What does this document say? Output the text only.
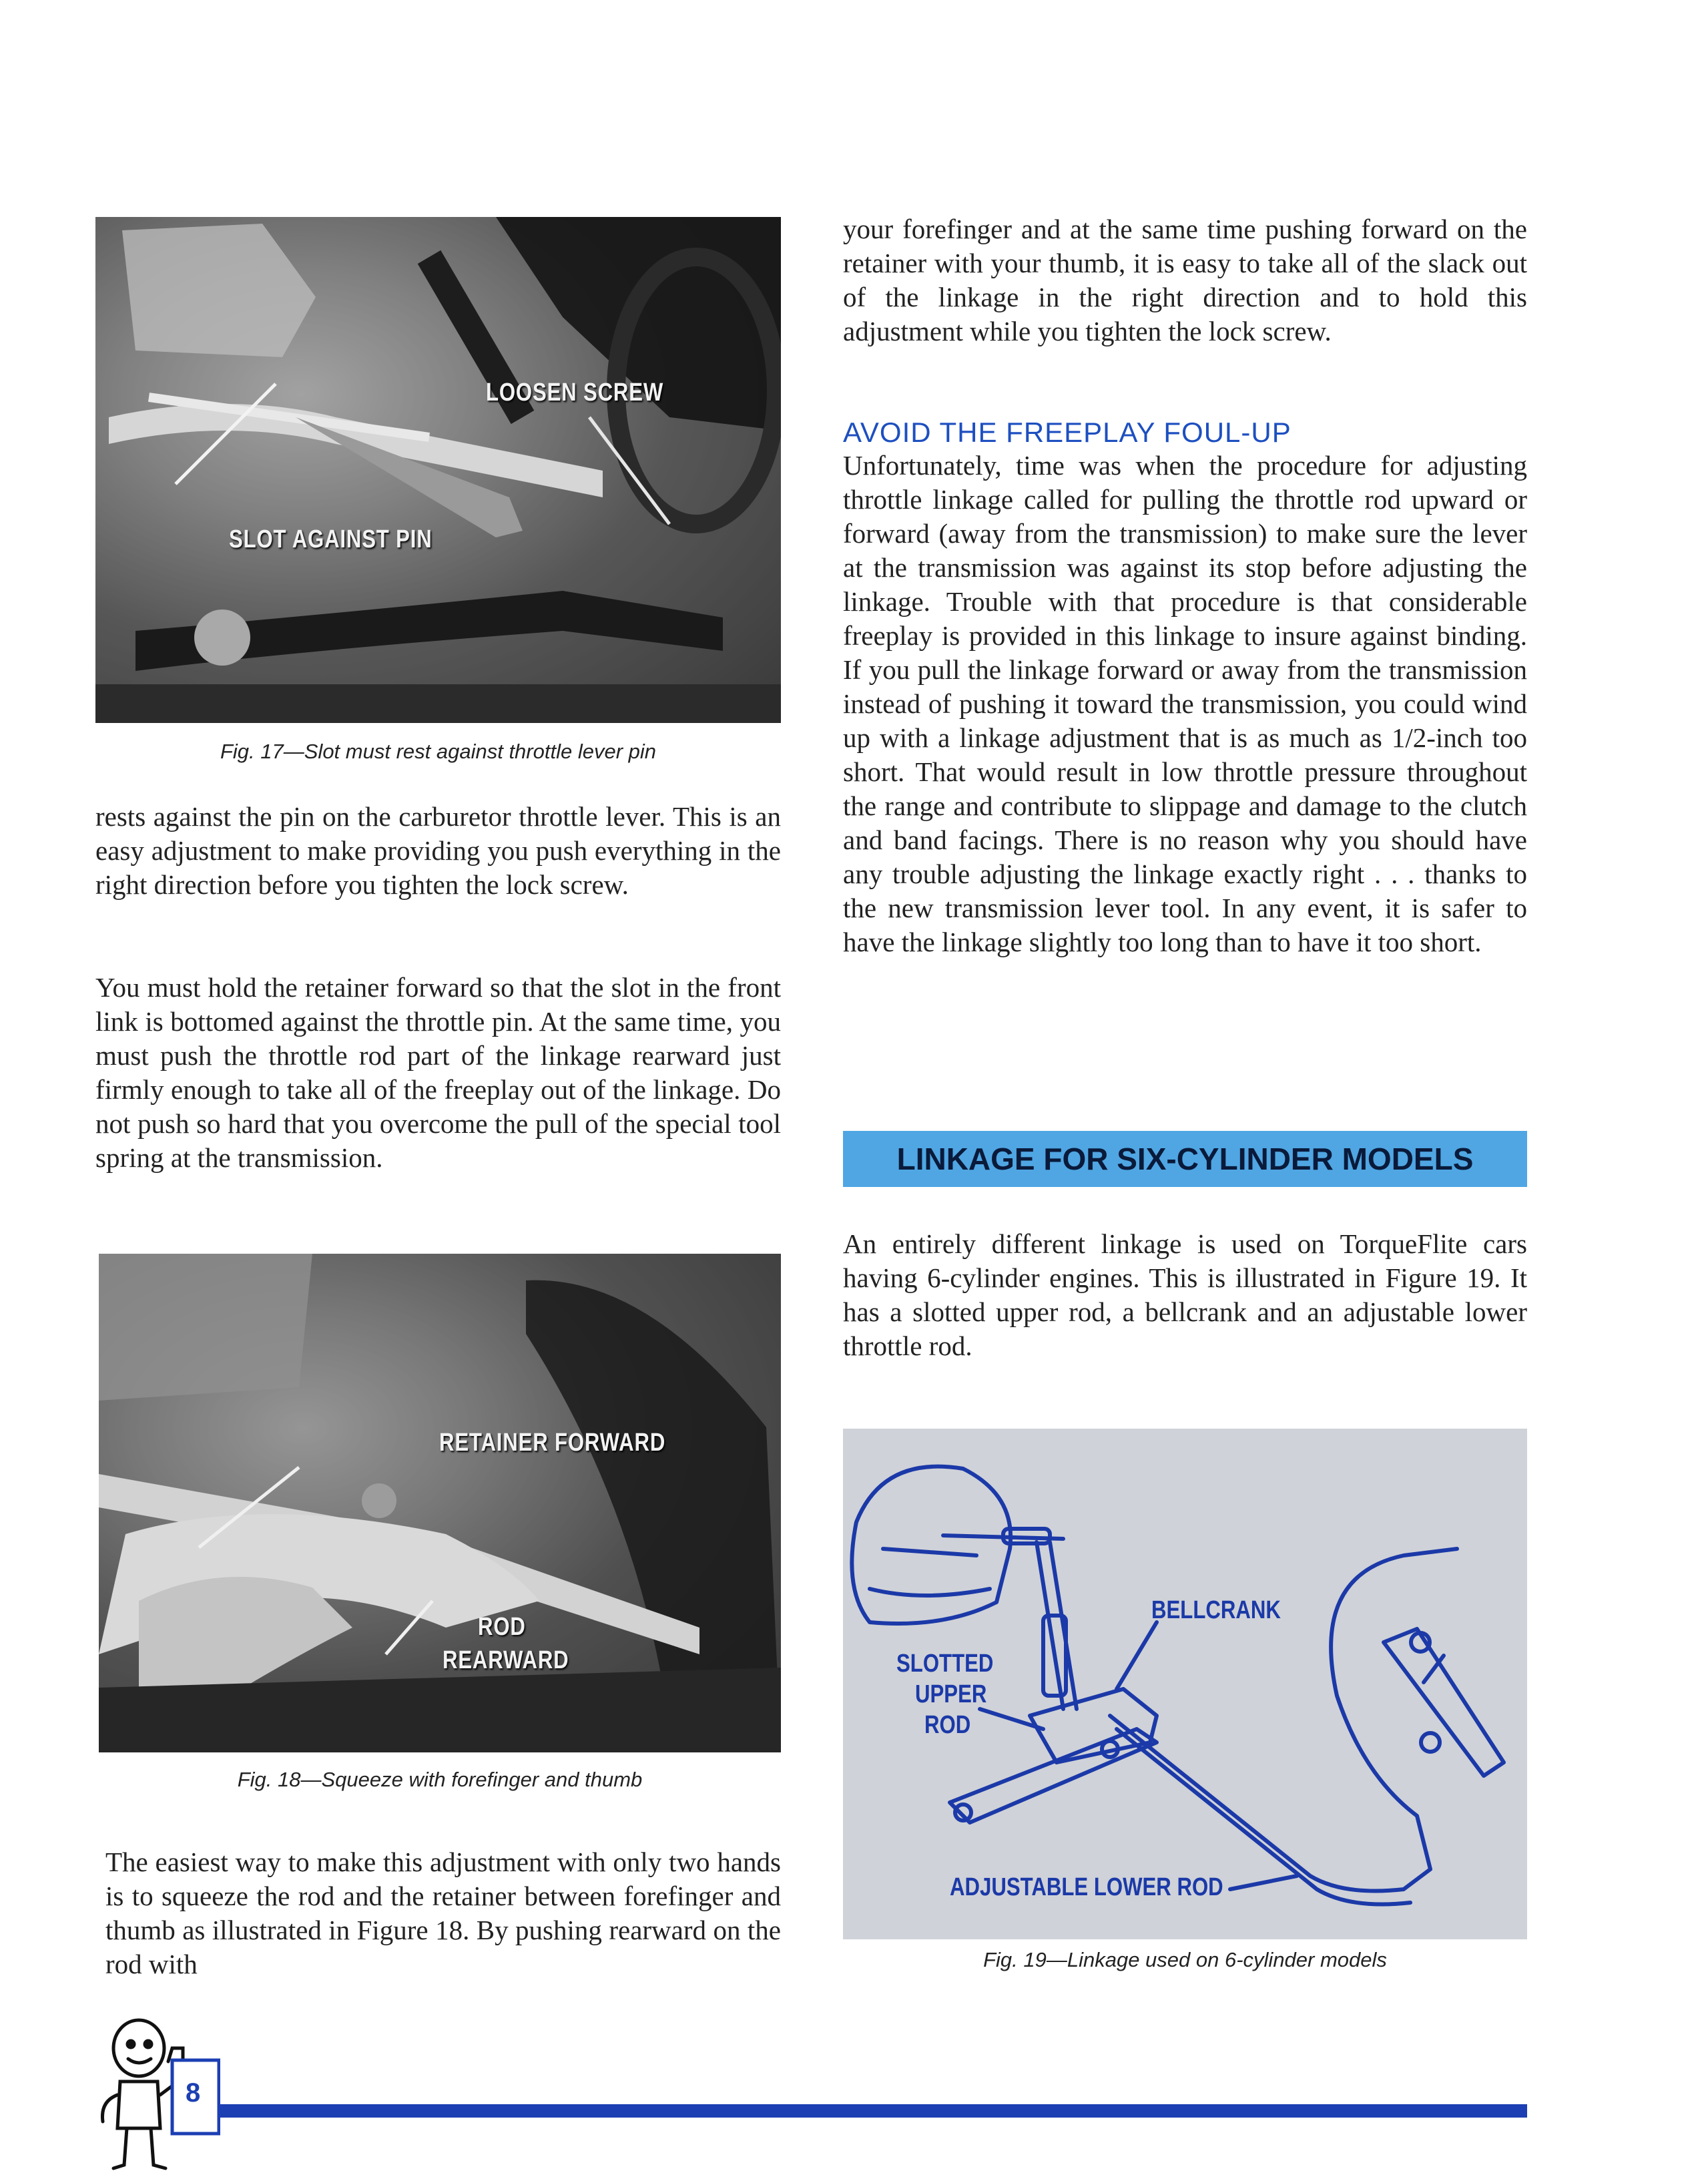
LOOSEN SCREW
SLOT AGAINST PIN
Fig. 17—Slot must rest against throttle lever pin

rests against the pin on the carburetor throttle lever. This is an easy adjustment to make providing you push everything in the right direction before you tighten the lock screw.

You must hold the retainer forward so that the slot in the front link is bottomed against the throttle pin. At the same time, you must push the throttle rod part of the linkage rearward just firmly enough to take all of the freeplay out of the linkage. Do not push so hard that you overcome the pull of the special tool spring at the transmission.

RETAINER FORWARD
ROD
REARWARD
Fig. 18—Squeeze with forefinger and thumb

The easiest way to make this adjustment with only two hands is to squeeze the rod and the retainer between forefinger and thumb as illustrated in Figure 18. By pushing rearward on the rod with

your forefinger and at the same time pushing forward on the retainer with your thumb, it is easy to take all of the slack out of the linkage in the right direction and to hold this adjustment while you tighten the lock screw.

AVOID THE FREEPLAY FOUL-UP

Unfortunately, time was when the procedure for adjusting throttle linkage called for pulling the throttle rod upward or forward (away from the transmission) to make sure the lever at the transmission was against its stop before adjusting the linkage. Trouble with that procedure is that considerable freeplay is provided in this linkage to insure against binding. If you pull the linkage forward or away from the transmission instead of pushing it toward the transmission, you could wind up with a linkage adjustment that is as much as 1/2-inch too short. That would result in low throttle pressure throughout the range and contribute to slippage and damage to the clutch and band facings. There is no reason why you should have any trouble adjusting the linkage exactly right . . . thanks to the new transmission lever tool. In any event, it is safer to have the linkage slightly too long than to have it too short.

LINKAGE FOR SIX-CYLINDER MODELS

An entirely different linkage is used on TorqueFlite cars having 6-cylinder engines. This is illustrated in Figure 19. It has a slotted upper rod, a bellcrank and an adjustable lower throttle rod.

BELLCRANK
SLOTTED
UPPER
ROD
ADJUSTABLE LOWER ROD
Fig. 19—Linkage used on 6-cylinder models
8
